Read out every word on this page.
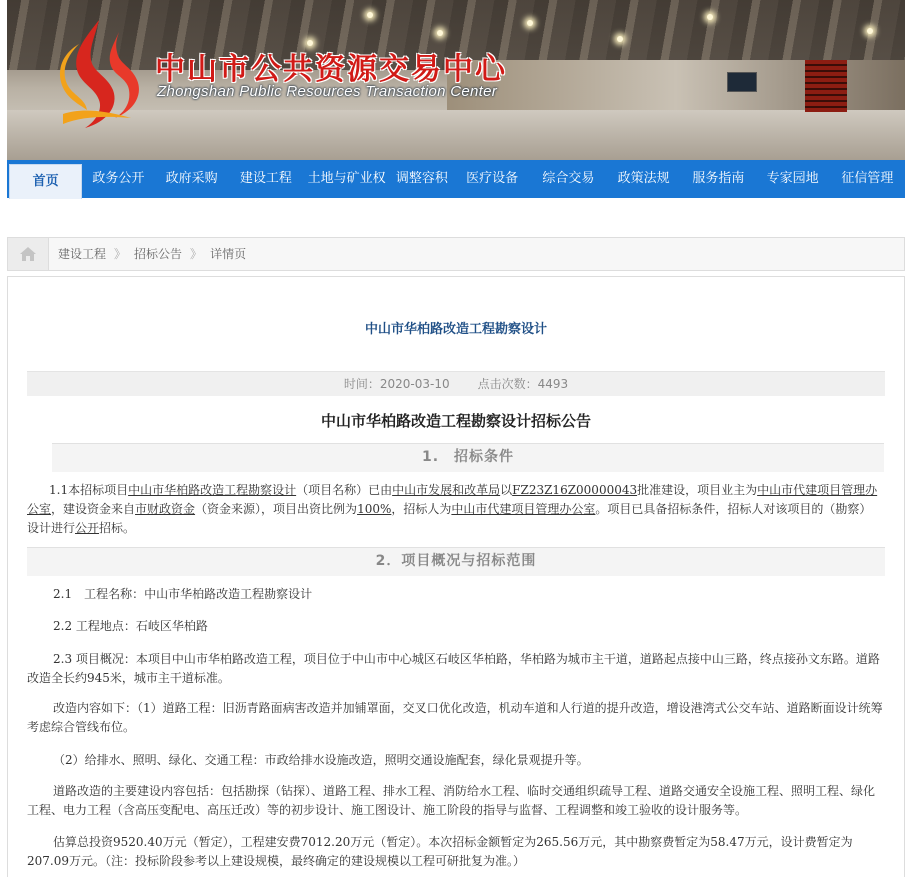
中山市公共资源交易中心
Zhongshan Public Resources Transaction Center
首页	政务公开	政府采购	建设工程	土地与矿业权 调整容积	医疗设备	综合交易	政策法规	服务指南	专家园地	征信管理
建设工程 》 招标公告 》 详情页
中山市华柏路改造工程勘察设计
时间：2020-03-10 点击次数：4493
中山市华柏路改造工程勘察设计招标公告
1.　招标条件
1.1本招标项目中山市华柏路改造工程勘察设计（项目名称）已由中山市发展和改革局以FZ23Z16Z00000043批准建设，项目业主为中山市代建项目管理办公室，建设资金来自市财政资金（资金来源），项目出资比例为100%，招标人为中山市代建项目管理办公室。项目已具备招标条件，招标人对该项目的（勘察）设计进行公开招标。
2．项目概况与招标范围
2.1　工程名称：中山市华柏路改造工程勘察设计
2.2 工程地点：石岐区华柏路
2.3 项目概况：本项目中山市华柏路改造工程，项目位于中山市中心城区石岐区华柏路，华柏路为城市主干道，道路起点接中山三路，终点接孙文东路。道路改造全长约945米，城市主干道标准。
改造内容如下：（1）道路工程：旧沥青路面病害改造并加铺罩面，交叉口优化改造，机动车道和人行道的提升改造，增设港湾式公交车站、道路断面设计统筹考虑综合管线布位。
（2）给排水、照明、绿化、交通工程：市政给排水设施改造，照明交通设施配套，绿化景观提升等。
道路改造的主要建设内容包括：包括勘探（钻探）、道路工程、排水工程、消防给水工程、临时交通组织疏导工程、道路交通安全设施工程、照明工程、绿化工程、电力工程（含高压变配电、高压迁改）等的初步设计、施工图设计、施工阶段的指导与监督、工程调整和竣工验收的设计服务等。
估算总投资9520.40万元（暂定），工程建安费7012.20万元（暂定）。本次招标金额暂定为265.56万元，其中勘察费暂定为58.47万元，设计费暂定为207.09万元。（注：投标阶段参考以上建设规模，最终确定的建设规模以工程可研批复为准。）
